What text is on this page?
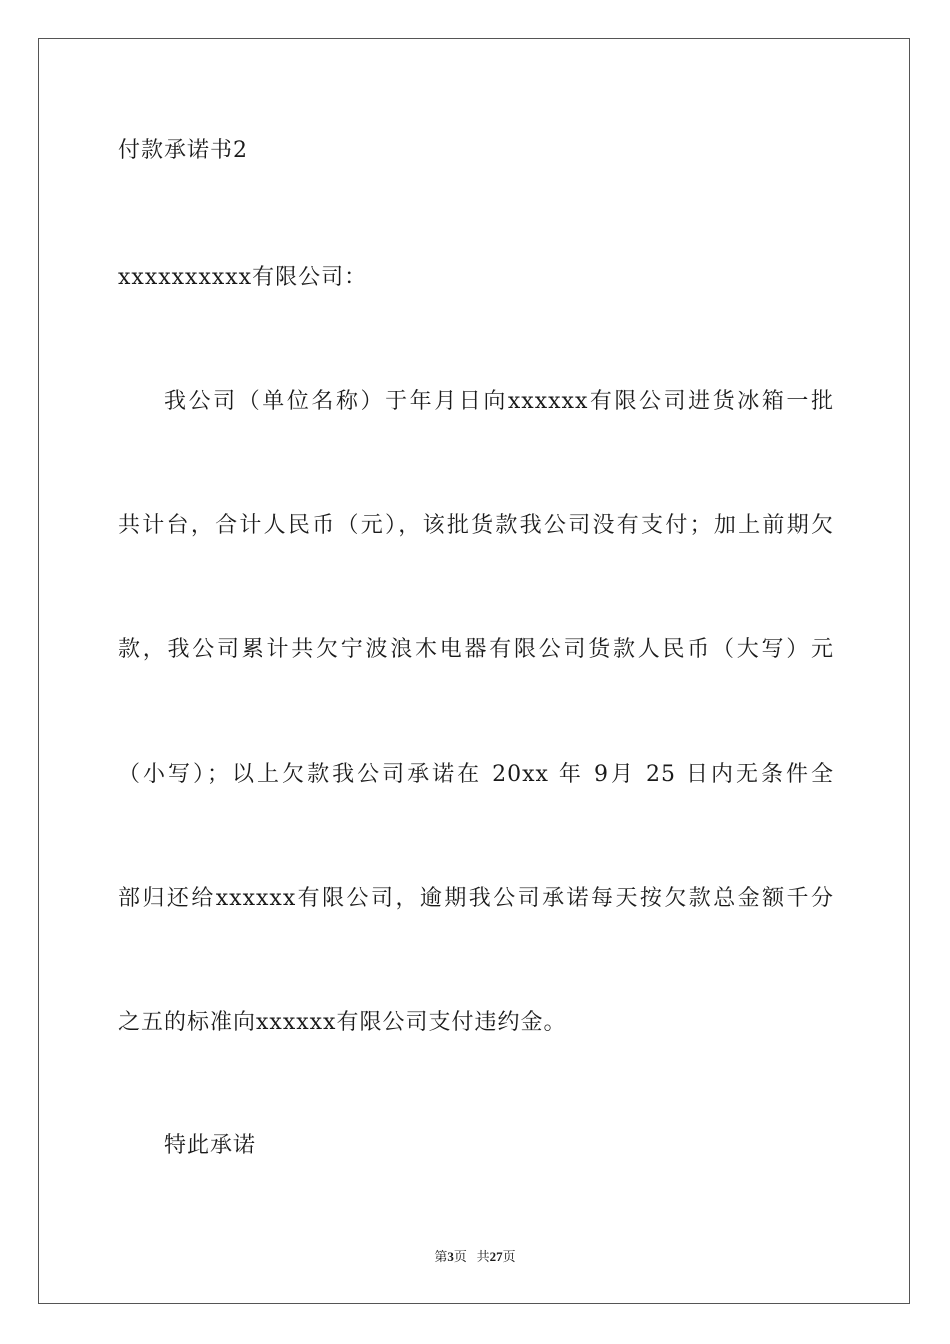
付款承诺书2
xxxxxxxxxx有限公司：
我公司（单位名称）于年月日向xxxxxx有限公司进货冰箱一批
共计台，合计人民币（元），该批货款我公司没有支付；加上前期欠
款，我公司累计共欠宁波浪木电器有限公司货款人民币（大写）元
（小写）；以上欠款我公司承诺在 20xx 年 9月 25 日内无条件全
部归还给xxxxxx有限公司，逾期我公司承诺每天按欠款总金额千分
之五的标准向xxxxxx有限公司支付违约金。
特此承诺
第3页 共27页
